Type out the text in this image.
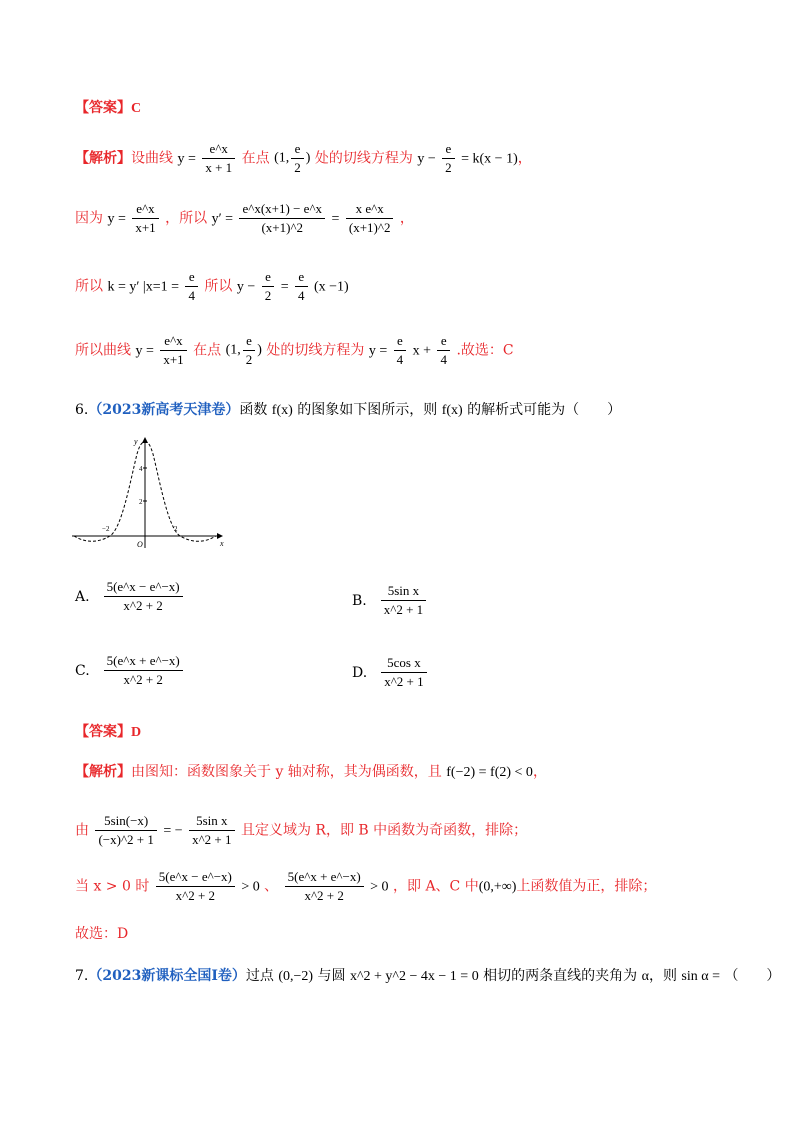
【答案】C
【解析】设曲线 $y = \frac{e\^{}x}{x + 1}$ 在点 (1, $\frac{e}{2}$ ) 处的切线方程为 $y - \frac{e}{2} = k(x - 1)$，
因为 $y = \frac{e\^{}x}{x+1}$ ，所以 $y' = \frac{e\^{}x(x+1) - e\^{}x}{(x+1)\^{}2} = \frac{\text{x e\textasciicircum{}x}}{(x+1)\^{}2}$ ，
所以 k = y′ $|x=1 = \frac{e}{4}$ 所以 $y - \frac{e}{2} = \frac{e}{4} (x -1)$
所以曲线 $y = \frac{e\^{}x}{x+1}$ 在点 (1, $\frac{e}{2}$ ) 处的切线方程为 $y = \frac{e}{4}$ $x + \frac{e}{4}$ .故选：C
6.（2023新高考天津卷）函数 f(x) 的图象如下图所示，则 f(x) 的解析式可能为（　　）
y
x
O
4
2
−2	2
A. $\frac{5(e\^{}x - e\^{}-x)}{x\^{}2 + 2}$	B. $\frac{\text{5sin x}}{x\^{}2 + 1}$
C. $\frac{5(e\^{}x + e\^{}-x)}{x\^{}2 + 2}$	D. $\frac{\text{5cos x}}{x\^{}2 + 1}$
【答案】D
【解析】由图知：函数图象关于 y 轴对称，其为偶函数，且 f(−2) = f(2) < 0，
由 $\frac{5\sin(-x)}{(-x)\^{}2 + 1}$ = − $\frac{\text{5sin x}}{x\^{}2 + 1}$ 且定义域为 R，即 B 中函数为奇函数，排除；
当 x > 0 时 $\frac{5(e\^{}x - e\^{}-x)}{x\^{}2 + 2} > 0$ 、 $\frac{5(e\^{}x + e\^{}-x)}{x\^{}2 + 2} > 0$ ，即 A、C 中(0,+∞)上函数值为正，排除；
故选：D
7.（2023新课标全国Ⅰ卷）过点 (0,−2) 与圆 x^2 + y^2 − 4x − 1 = 0 相切的两条直线的夹角为 α，则 sin α = （　　）
